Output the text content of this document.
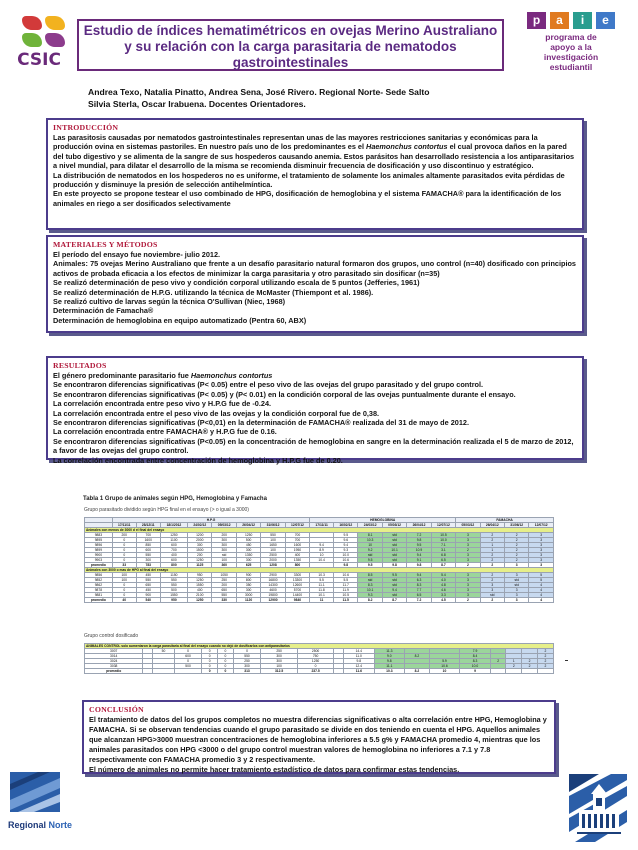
CSIC
Estudio de índices hematimétricos en ovejas Merino Australiano y su relación con la carga parasitaria de nematodos gastrointestinales
p	a	i	e
programa de
apoyo a la
investigación
estudiantil
Andrea Texo, Natalia Pinatto, Andrea Sena, José Rivero. Regional Norte- Sede Salto
Silvia Sterla, Oscar Irabuena. Docentes Orientadores.
INTRODUCCIÓN

Las parasitosis causadas por nematodos gastrointestinales representan unas de las mayores restricciones sanitarias y económicas para la producción ovina en sistemas pastoriles. En nuestro país uno de los predominantes es el Haemonchus contortus el cual provoca daños en la pared del tubo digestivo y se alimenta de la sangre de sus hospederos causando anemia. Estos parásitos han desarrollado resistencia a los antiparasitarios a nivel mundial, para dilatar el desarrollo de la misma se recomienda disminuir frecuencia de dosificación y uso discontinuo y estratégico.

La distribución de nematodos en los hospederos no es uniforme, el tratamiento de solamente los animales altamente parasitados evita pérdidas de producción y disminuye la presión de selección antihelmíntica.

En este proyecto se propone testear el uso combinado de HPG, dosificación de hemoglobina y el sistema FAMACHA® para la identificación de los animales en riego a ser dosificados selectivamente

MATERIALES Y MÉTODOS

El período del ensayo fue noviembre- julio 2012.

Animales: 75 ovejas Merino Australiano que frente a un desafío parasitario natural formaron dos grupos, uno control (n=40) dosificado con principios activos de probada eficacia a los efectos de minimizar la carga parasitaria y otro parasitado sin dosificar (n=35)

Se realizó determinación de peso vivo y condición corporal utilizando escala de 5 puntos (Jefferies, 1961)

Se realizó determinación de H.P.G. utilizando la técnica de McMaster (Thiempont et al. 1986).

Se realizó cultivo de larvas según la técnica O'Sullivan (Niec, 1968)

Determinación de Famacha®

Determinación de hemoglobina en equipo automatizado (Pentra 60, ABX)

RESULTADOS

El género predominante parasitario fue Haemonchus contortus

Se encontraron diferencias significativas (P< 0.05) entre el peso vivo de las ovejas del grupo parasitado y del grupo control.

Se encontraron diferencias significativas (P< 0.05) y (P< 0.01) en la condición corporal de las ovejas puntualmente durante el ensayo.

La correlación encontrada entre peso vivo y H.P.G fue de -0.24.

La correlación encontrada entre el peso vivo de las ovejas y la condición corporal fue de 0,38.

Se encontraron diferencias significativas (P<0,01) en la determinación de FAMACHA® realizada del 31 de mayo de 2012.

La correlación encontrada entre FAMACHA® y H.P.G fue de 0.16.

Se encontraron diferencias significativas (P<0.05) en la concentración de hemoglobina en sangre en la determinación realizada el 5 de marzo de 2012, a favor de las ovejas del grupo control.

La correlación encontrada entre concentración de hemoglobina y H.P.G fue de 0.20.

Tabla 1 Grupo de animales según HPG, Hemoglobina y Famacha
Grupo parasitado dividido según HPG final en el ensayo (> o igual a 3000)
	H.P.G								HEMOGLOBINA						FAMACHA			
	17/11/11	28/12/11	18/1/2012	24/02/12	05/03/12	26/04/12	31/06/12	12/07/12	17/11/11	16/02/12	24/03/12	05/03/12	26/04/12	12/07/12	05/03/12	26/04/12	31/06/12	12/07/12
Animales con menos de 3000 d el final del ensayo																		
9883	200	700	1250	1200	200	1250	550	700		9.5	8.1	std	7.2	10.5	3	2	2	3
9895	0	1600	1100	2000	300	500	100	700		9.6	10.3	std	9.8	10.0	3	2	2	3
9896	0	850	600	300	300	450	1650	1600	9.4	9.4	10	std	9.5	7.1	3	1	2	3
9899	0	600	700	1500	300	300	100	1950	8.9	9.3	9.2	10.1	10.9	3.1	2	1	2	3
9900	0	550	400	200	std	1350	2500	400	10	10.0	std	std	9.4	6.8	3	2	2	3
9903	0	300	600	1250	100	300	2000	1350	10.4	10.6	9.5	std	9.1	6.5	3	2	2	3
promedio	33	783	800	1125	360	625	1208	800		9.8	9.5	9.8	9.8	8.7	2	2	3	3
Animales con 3000 o mas de HPG al final del ensayo																		
9856	100	450	1150	950	1050	900	2900	3300	10.3	10.6	8.5	9.5	9.4	5.4	3	2	3	5
9852	100	550	550	1250	250	800	16800	13300	5.5	5.5	std	std	6.3	4.0	3	2	std	5
9862	0	650	550	1550	200	350	14300	12600	11.1	11.7	8.3	std	8.3	4.8	3	3	std	4
9878	0	450	500	400	650	300	4600	5700	11.8	11.9	10.1	9.4	7.7	4.6	3	3	3	4
9881	0	900	1550	2100	550	3000	19800	14400	10.1	10.5	9.3	std	6.5	3.3	3	std	3	4
promedio	40	540	950	1250	330	1120	12900	9840	11	11.5	8.2	8.7	7.2	4.5	2	2	3	4
Grupo control dosificado
ANIMALES CONTROL solo aumentaron la carga parasitaria al final del ensayo cuando no dejó de dosificarlos con antiparasitarios																		
3007		50	0	0	0	0	250	2500		14.4	11.3			7.9				2
3014			600	0	0	550	300	750		11.0	9.0	8.2		8.4				2
3024			0	0	0	250	300	1250		9.8	9.8		5.9	8.3	2	1	2	2
3038			500	0	0	300	100	0		12.4	11.1		10.6	10.0		2	2	2
promedio				0	0	313	312.5	237.5		11.6	10.3	8.2	10	9				
CONCLUSIÓN

El tratamiento de datos del los grupos completos no muestra diferencias significativas o alta correlación entre HPG, Hemoglobina y FAMACHA. Si se observan tendencias cuando el grupo parasitado se divide en dos teniendo en cuenta el HPG. Aquellos animales que alcanzan HPG>3000 muestran concentraciones de hemoglobina inferiores a 5.5 g% y FAMACHA promedio 4, mientras que los animales parasitados con HPG <3000 o del grupo control muestran valores de hemoglobina no inferiores a 7.1 y 7.8 respectivamente con FAMACHA promedio 3 y 2 respectivamente.

El número de animales no permite hacer tratamiento estadístico de datos para confirmar estas tendencias.

Regional Norte
